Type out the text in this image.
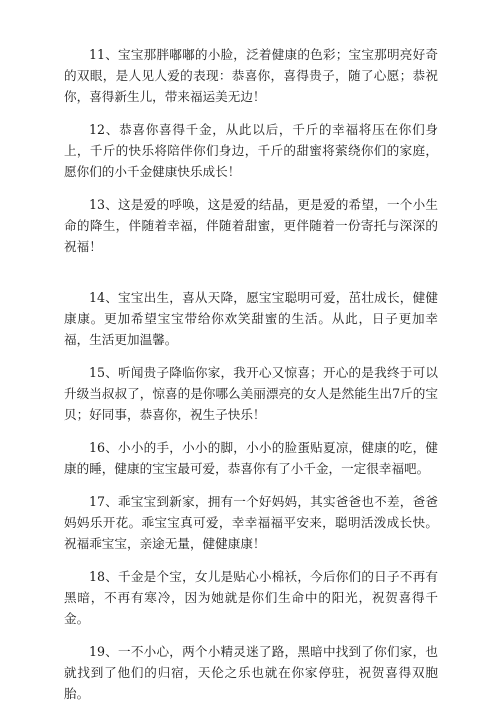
11、宝宝那胖嘟嘟的小脸，泛着健康的色彩；宝宝那明亮好奇的双眼，是人见人爱的表现：恭喜你，喜得贵子，随了心愿；恭祝你，喜得新生儿，带来福运美无边！

12、恭喜你喜得千金，从此以后，千斤的幸福将压在你们身上，千斤的快乐将陪伴你们身边，千斤的甜蜜将萦绕你们的家庭，愿你们的小千金健康快乐成长！

13、这是爱的呼唤，这是爱的结晶，更是爱的希望，一个小生命的降生，伴随着幸福，伴随着甜蜜，更伴随着一份寄托与深深的祝福！

14、宝宝出生，喜从天降，愿宝宝聪明可爱，茁壮成长，健健康康。更加希望宝宝带给你欢笑甜蜜的生活。从此，日子更加幸福，生活更加温馨。

15、听闻贵子降临你家，我开心又惊喜；开心的是我终于可以升级当叔叔了，惊喜的是你哪么美丽漂亮的女人是然能生出7斤的宝贝；好同事，恭喜你，祝生子快乐！

16、小小的手，小小的脚，小小的脸蛋贴夏凉，健康的吃，健康的睡，健康的宝宝最可爱，恭喜你有了小千金，一定很幸福吧。

17、乖宝宝到新家，拥有一个好妈妈，其实爸爸也不差，爸爸妈妈乐开花。乖宝宝真可爱，幸幸福福平安来，聪明活泼成长快。祝福乖宝宝，亲途无量，健健康康！

18、千金是个宝，女儿是贴心小棉袄，今后你们的日子不再有黑暗，不再有寒冷，因为她就是你们生命中的阳光，祝贺喜得千金。

19、一不小心，两个小精灵迷了路，黑暗中找到了你们家，也就找到了他们的归宿，天伦之乐也就在你家停驻，祝贺喜得双胞胎。
